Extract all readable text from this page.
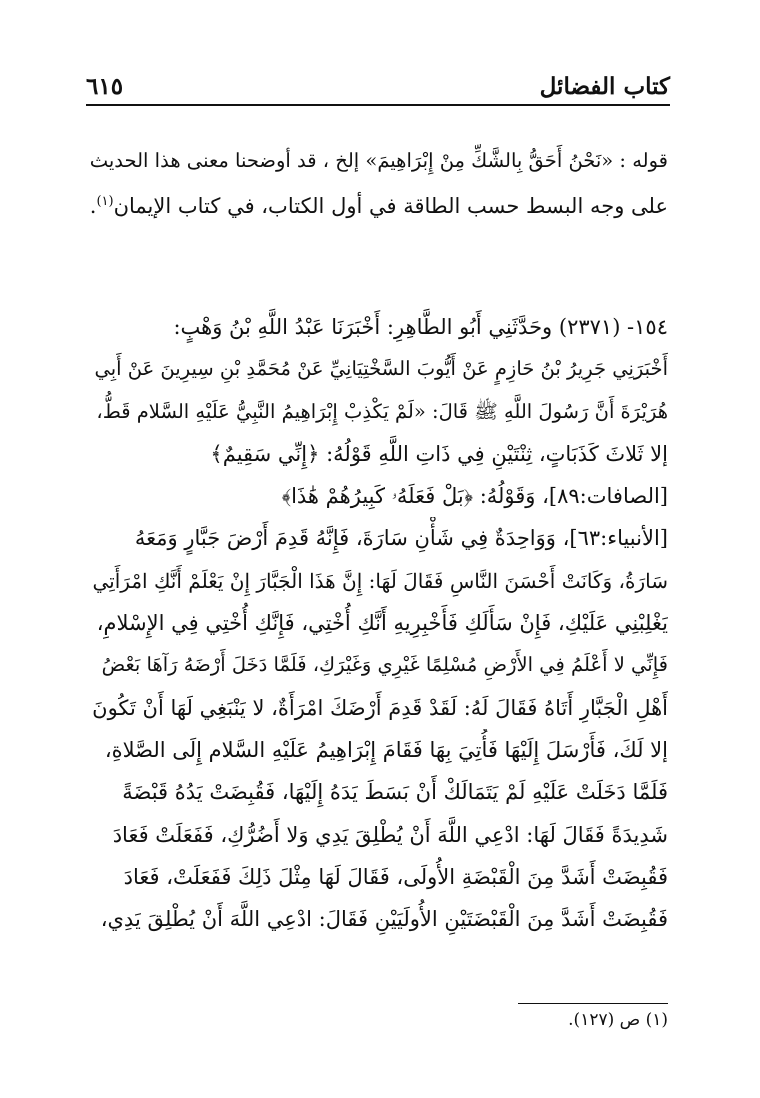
كتاب الفضائل
٦١٥
قوله : «نَحْنُ أَحَقُّ بِالشَّكِّ مِنْ إِبْرَاهِيمَ» إلخ ، قد أوضحنا معنى هذا الحديث
على وجه البسط حسب الطاقة في أول الكتاب، في كتاب الإيمان$^{(١)}$.
١٥٤- (٢٣٧١) وحَدَّثَنِي أَبُو الطَّاهِرِ: أَخْبَرَنَا عَبْدُ اللَّهِ بْنُ وَهْبٍ:
أَخْبَرَنِي جَرِيرُ بْنُ حَازِمٍ عَنْ أَيُّوبَ السَّخْتِيَانِيِّ عَنْ مُحَمَّدِ بْنِ سِيرِينَ عَنْ أَبِي
هُرَيْرَةَ أَنَّ رَسُولَ اللَّهِ ﷺ قَالَ: «لَمْ يَكْذِبْ إِبْرَاهِيمُ النَّبِيُّ عَلَيْهِ السَّلام قَطُّ،
إلا ثَلاثَ كَذَبَاتٍ، ثِنْتَيْنِ فِي ذَاتِ اللَّهِ قَوْلُهُ: ﴿إِنِّي سَقِيمٌ﴾
[الصافات:٨٩]، وَقَوْلُهُ: ﴿بَلْ فَعَلَهُۥ كَبِيرُهُمْ هَٰذَا﴾
[الأنبياء:٦٣]، وَوَاحِدَةٌ فِي شَأْنِ سَارَةَ، فَإِنَّهُ قَدِمَ أَرْضَ جَبَّارٍ وَمَعَهُ
سَارَةُ، وَكَانَتْ أَحْسَنَ النَّاسِ فَقَالَ لَهَا: إِنَّ هَذَا الْجَبَّارَ إِنْ يَعْلَمْ أَنَّكِ امْرَأَتِي
يَغْلِبْنِي عَلَيْكِ، فَإِنْ سَأَلَكِ فَأَخْبِرِيهِ أَنَّكِ أُخْتِي، فَإِنَّكِ أُخْتِي فِي الإِسْلامِ،
فَإِنِّي لا أَعْلَمُ فِي الأَرْضِ مُسْلِمًا غَيْرِي وَغَيْرَكِ، فَلَمَّا دَخَلَ أَرْضَهُ رَآهَا بَعْضُ
أَهْلِ الْجَبَّارِ أَتَاهُ فَقَالَ لَهُ: لَقَدْ قَدِمَ أَرْضَكَ امْرَأَةٌ، لا يَنْبَغِي لَهَا أَنْ تَكُونَ
إلا لَكَ، فَأَرْسَلَ إِلَيْهَا فَأُتِيَ بِهَا فَقَامَ إِبْرَاهِيمُ عَلَيْهِ السَّلام إِلَى الصَّلاةِ،
فَلَمَّا دَخَلَتْ عَلَيْهِ لَمْ يَتَمَالَكْ أَنْ بَسَطَ يَدَهُ إِلَيْهَا، فَقُبِضَتْ يَدُهُ قَبْضَةً
شَدِيدَةً فَقَالَ لَهَا: ادْعِي اللَّهَ أَنْ يُطْلِقَ يَدِي وَلا أَضُرُّكِ، فَفَعَلَتْ فَعَادَ
فَقُبِضَتْ أَشَدَّ مِنَ الْقَبْضَةِ الأُولَى، فَقَالَ لَهَا مِثْلَ ذَلِكَ فَفَعَلَتْ، فَعَادَ
فَقُبِضَتْ أَشَدَّ مِنَ الْقَبْضَتَيْنِ الأُولَيَيْنِ فَقَالَ: ادْعِي اللَّهَ أَنْ يُطْلِقَ يَدِي،
(١) ص (١٢٧).
